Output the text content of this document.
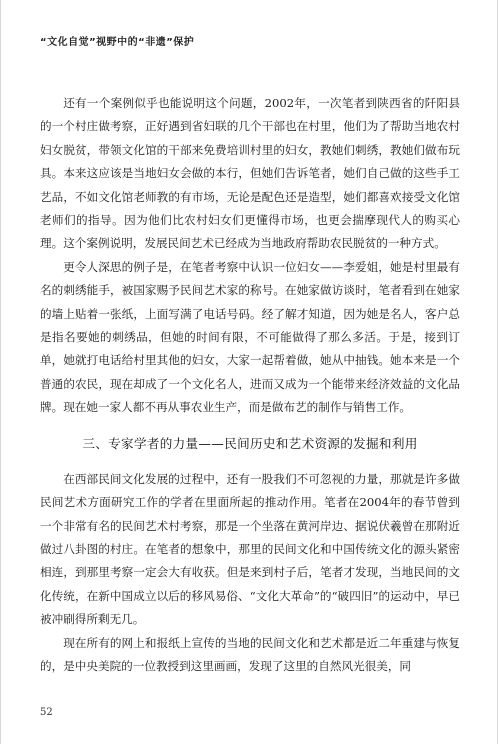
“文化自觉”视野中的“非遗”保护

还有一个案例似乎也能说明这个问题，2002年，一次笔者到陕西省的阡阳县的一个村庄做考察，正好遇到省妇联的几个干部也在村里，他们为了帮助当地农村妇女脱贫，带领文化馆的干部来免费培训村里的妇女，教她们刺绣，教她们做布玩具。本来这应该是当地妇女会做的本行，但她们告诉笔者，她们自己做的这些手工艺品，不如文化馆老师教的有市场，无论是配色还是造型，她们都喜欢接受文化馆老师们的指导。因为他们比农村妇女们更懂得市场，也更会揣摩现代人的购买心理。这个案例说明，发展民间艺术已经成为当地政府帮助农民脱贫的一种方式。

更令人深思的例子是，在笔者考察中认识一位妇女——李爱姐，她是村里最有名的刺绣能手，被国家赐予民间艺术家的称号。在她家做访谈时，笔者看到在她家的墙上贴着一张纸，上面写满了电话号码。经了解才知道，因为她是名人，客户总是指名要她的刺绣品，但她的时间有限，不可能做得了那么多活。于是，接到订单，她就打电话给村里其他的妇女，大家一起帮着做，她从中抽钱。她本来是一个普通的农民，现在却成了一个文化名人，进而又成为一个能带来经济效益的文化品牌。现在她一家人都不再从事农业生产，而是做布艺的制作与销售工作。

三、专家学者的力量——民间历史和艺术资源的发掘和利用

在西部民间文化发展的过程中，还有一股我们不可忽视的力量，那就是许多做民间艺术方面研究工作的学者在里面所起的推动作用。笔者在2004年的春节曾到一个非常有名的民间艺术村考察，那是一个坐落在黄河岸边、据说伏羲曾在那附近做过八卦图的村庄。在笔者的想象中，那里的民间文化和中国传统文化的源头紧密相连，到那里考察一定会大有收获。但是来到村子后，笔者才发现，当地民间的文化传统，在新中国成立以后的移风易俗、“文化大革命”的“破四旧”的运动中，早已被冲刷得所剩无几。

现在所有的网上和报纸上宣传的当地的民间文化和艺术都是近二年重建与恢复的，是中央美院的一位教授到这里画画，发现了这里的自然风光很美，同

52
